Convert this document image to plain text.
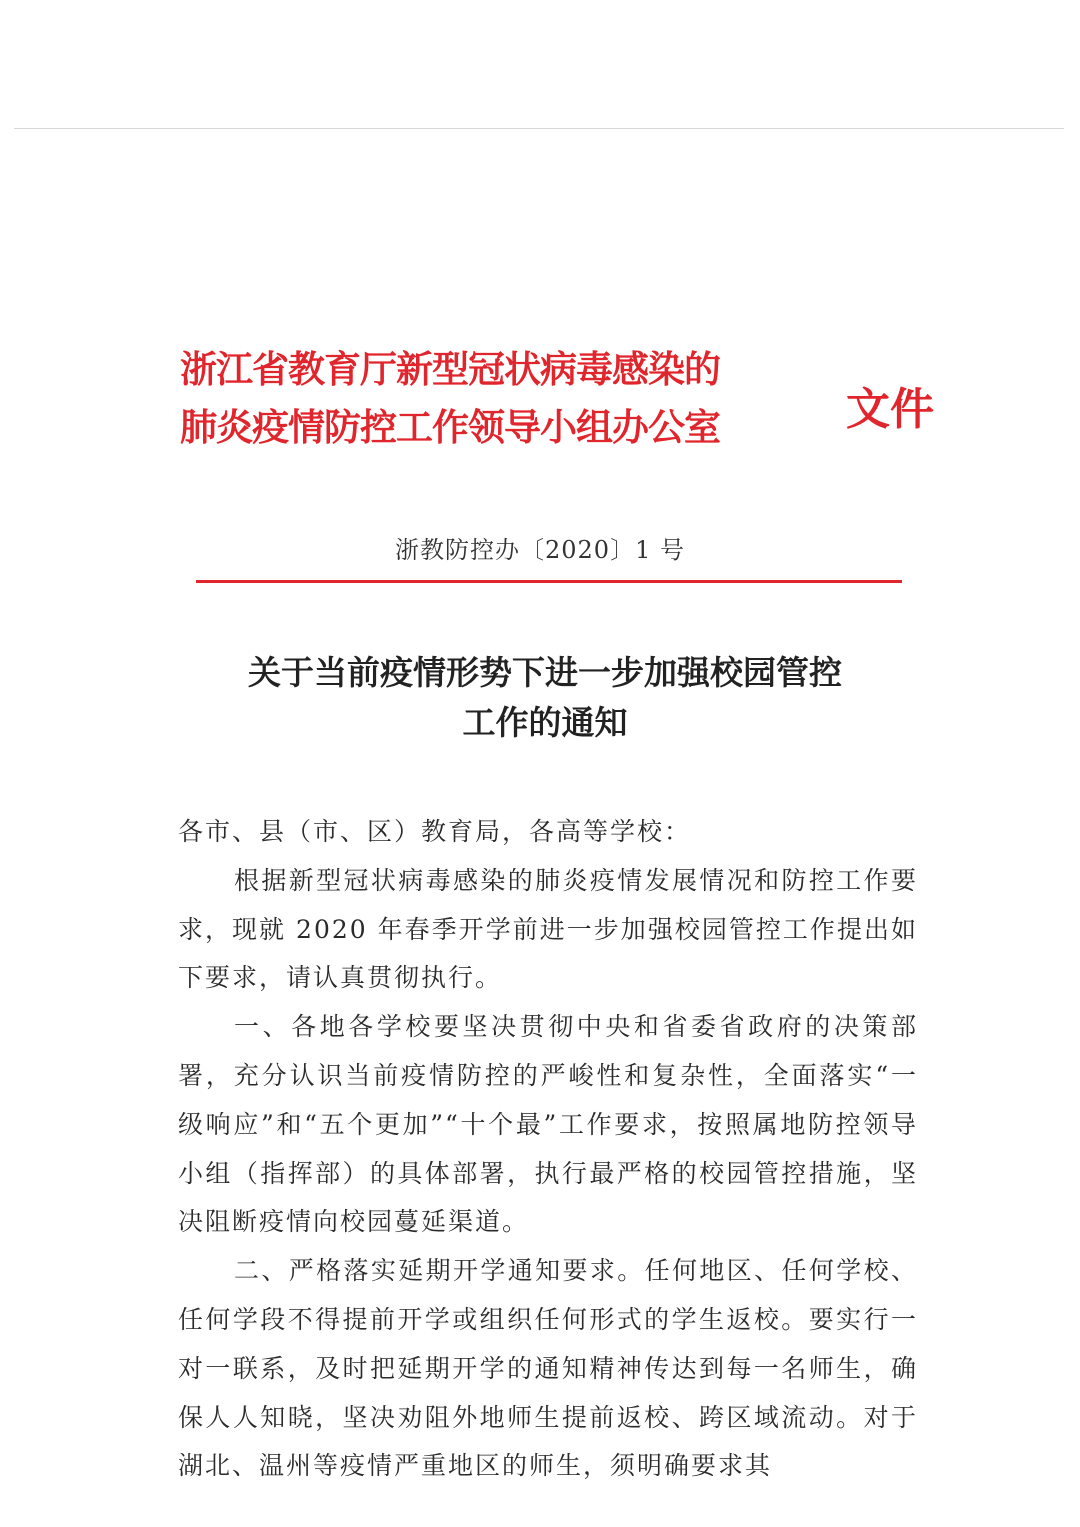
浙江省教育厅新型冠状病毒感染的
肺炎疫情防控工作领导小组办公室	文件
浙教防控办〔2020〕1 号
关于当前疫情形势下进一步加强校园管控
工作的通知

各市、县（市、区）教育局，各高等学校：

根据新型冠状病毒感染的肺炎疫情发展情况和防控工作要求，现就 2020 年春季开学前进一步加强校园管控工作提出如下要求，请认真贯彻执行。

一、各地各学校要坚决贯彻中央和省委省政府的决策部署，充分认识当前疫情防控的严峻性和复杂性，全面落实“一级响应”和“五个更加”“十个最”工作要求，按照属地防控领导小组（指挥部）的具体部署，执行最严格的校园管控措施，坚决阻断疫情向校园蔓延渠道。

二、严格落实延期开学通知要求。任何地区、任何学校、任何学段不得提前开学或组织任何形式的学生返校。要实行一对一联系，及时把延期开学的通知精神传达到每一名师生，确保人人知晓，坚决劝阻外地师生提前返校、跨区域流动。对于湖北、温州等疫情严重地区的师生，须明确要求其
